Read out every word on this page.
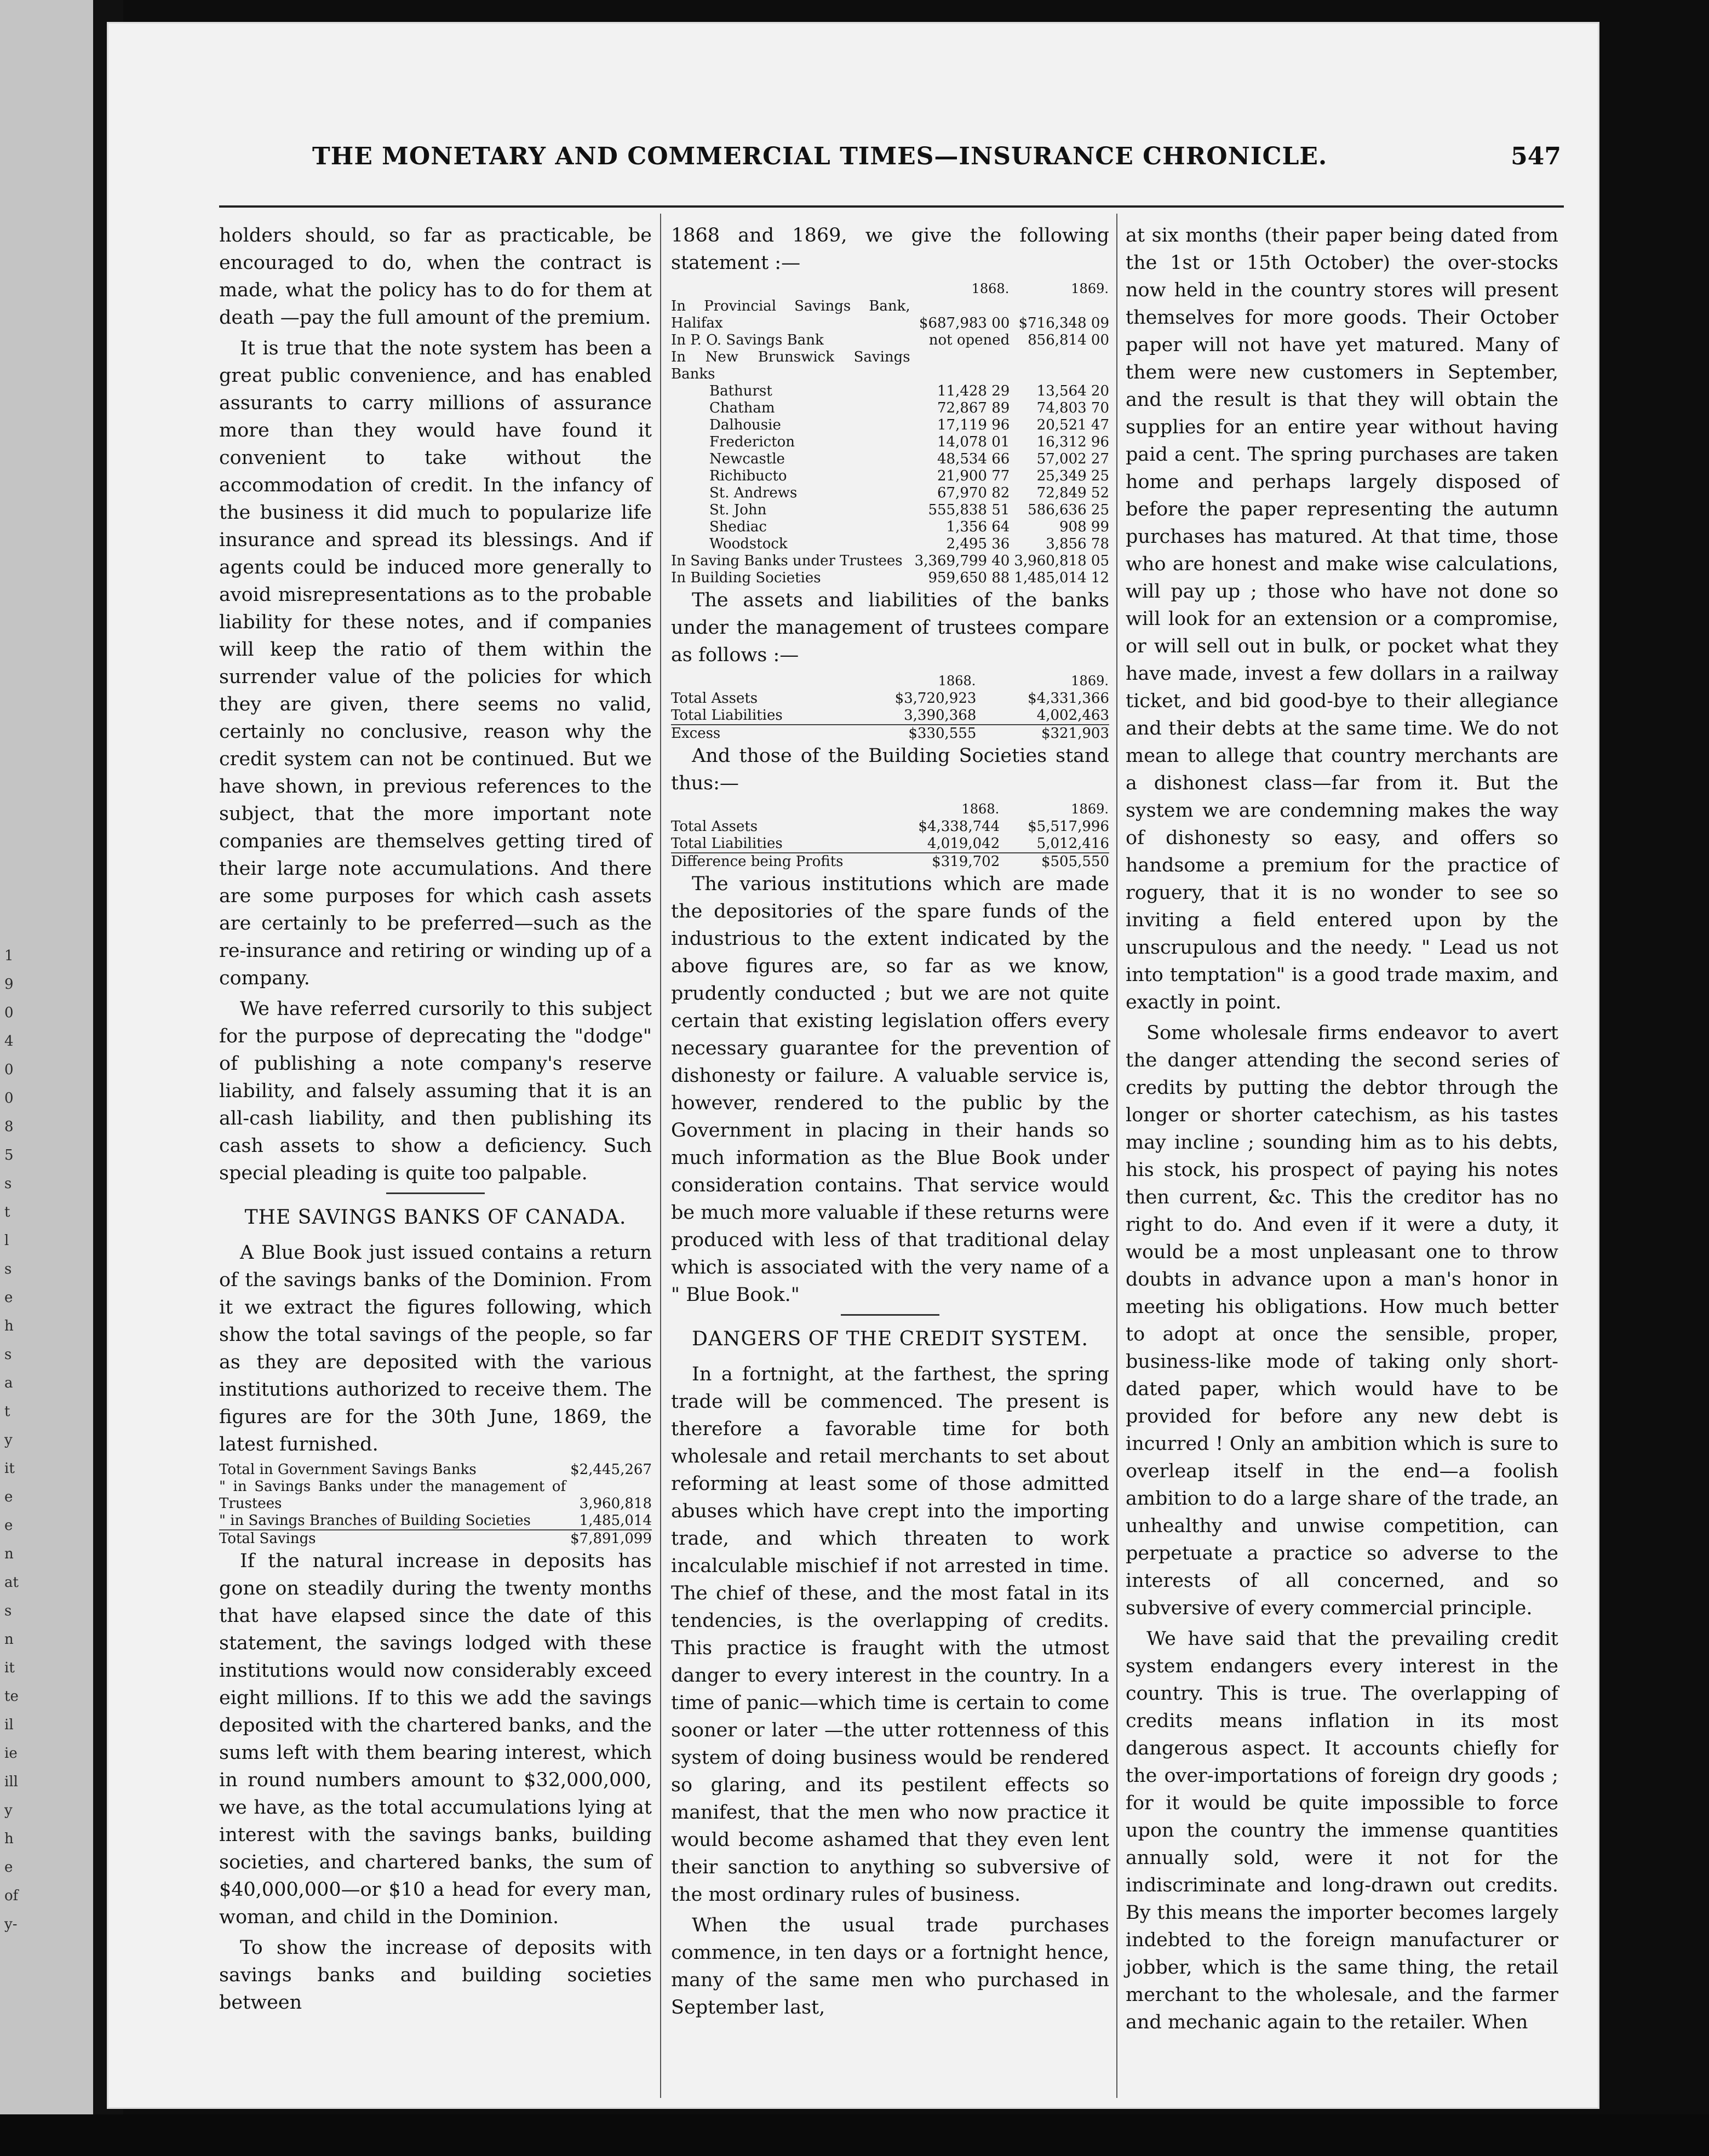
1
9
0
4
0
0
8
5
s
t
l
s
e
h
s
a
t
y
it
e
e
n
at
s
n
it
te
il
ie
ill
y
h
e
of
y-
THE MONETARY AND COMMERCIAL TIMES—INSURANCE CHRONICLE.	547

holders should, so far as practicable, be encouraged to do, when the contract is made, what the policy has to do for them at death —pay the full amount of the premium.

It is true that the note system has been a great public convenience, and has enabled assurants to carry millions of assurance more than they would have found it convenient to take without the accommodation of credit. In the infancy of the business it did much to popularize life insurance and spread its blessings. And if agents could be induced more generally to avoid misrepresentations as to the probable liability for these notes, and if companies will keep the ratio of them within the surrender value of the policies for which they are given, there seems no valid, certainly no conclusive, reason why the credit system can not be continued. But we have shown, in previous references to the subject, that the more important note companies are themselves getting tired of their large note accumulations. And there are some purposes for which cash assets are certainly to be preferred—such as the re-insurance and retiring or winding up of a company.

We have referred cursorily to this subject for the purpose of deprecating the "dodge" of publishing a note company's reserve liability, and falsely assuming that it is an all-cash liability, and then publishing its cash assets to show a deficiency. Such special pleading is quite too palpable.

THE SAVINGS BANKS OF CANADA.

A Blue Book just issued contains a return of the savings banks of the Dominion. From it we extract the figures following, which show the total savings of the people, so far as they are deposited with the various institutions authorized to receive them. The figures are for the 30th June, 1869, the latest furnished.

Total in Government Savings Banks	$2,445,267
" in Savings Banks under the management of Trustees	3,960,818
" in Savings Branches of Building Societies	1,485,014
Total Savings	$7,891,099

If the natural increase in deposits has gone on steadily during the twenty months that have elapsed since the date of this statement, the savings lodged with these institutions would now considerably exceed eight millions. If to this we add the savings deposited with the chartered banks, and the sums left with them bearing interest, which in round numbers amount to $32,000,000, we have, as the total accumulations lying at interest with the savings banks, building societies, and chartered banks, the sum of $40,000,000—or $10 a head for every man, woman, and child in the Dominion.

To show the increase of deposits with savings banks and building societies between

1868 and 1869, we give the following statement :—

	1868.	1869.
In Provincial Savings Bank, Halifax	$687,983 00	$716,348 09
In P. O. Savings Bank	not opened	856,814 00
In New Brunswick Savings Banks		
Bathurst	11,428 29	13,564 20
Chatham	72,867 89	74,803 70
Dalhousie	17,119 96	20,521 47
Fredericton	14,078 01	16,312 96
Newcastle	48,534 66	57,002 27
Richibucto	21,900 77	25,349 25
St. Andrews	67,970 82	72,849 52
St. John	555,838 51	586,636 25
Shediac	1,356 64	908 99
Woodstock	2,495 36	3,856 78
In Saving Banks under Trustees	3,369,799 40	3,960,818 05
In Building Societies	959,650 88	1,485,014 12

The assets and liabilities of the banks under the management of trustees compare as follows :—

	1868.	1869.
Total Assets	$3,720,923	$4,331,366
Total Liabilities	3,390,368	4,002,463
Excess	$330,555	$321,903

And those of the Building Societies stand thus:—

	1868.	1869.
Total Assets	$4,338,744	$5,517,996
Total Liabilities	4,019,042	5,012,416
Difference being Profits	$319,702	$505,550

The various institutions which are made the depositories of the spare funds of the industrious to the extent indicated by the above figures are, so far as we know, prudently conducted ; but we are not quite certain that existing legislation offers every necessary guarantee for the prevention of dishonesty or failure. A valuable service is, however, rendered to the public by the Government in placing in their hands so much information as the Blue Book under consideration contains. That service would be much more valuable if these returns were produced with less of that traditional delay which is associated with the very name of a " Blue Book."

DANGERS OF THE CREDIT SYSTEM.

In a fortnight, at the farthest, the spring trade will be commenced. The present is therefore a favorable time for both wholesale and retail merchants to set about reforming at least some of those admitted abuses which have crept into the importing trade, and which threaten to work incalculable mischief if not arrested in time. The chief of these, and the most fatal in its tendencies, is the overlapping of credits. This practice is fraught with the utmost danger to every interest in the country. In a time of panic—which time is certain to come sooner or later —the utter rottenness of this system of doing business would be rendered so glaring, and its pestilent effects so manifest, that the men who now practice it would become ashamed that they even lent their sanction to anything so subversive of the most ordinary rules of business.

When the usual trade purchases commence, in ten days or a fortnight hence, many of the same men who purchased in September last,

at six months (their paper being dated from the 1st or 15th October) the over-stocks now held in the country stores will present themselves for more goods. Their October paper will not have yet matured. Many of them were new customers in September, and the result is that they will obtain the supplies for an entire year without having paid a cent. The spring purchases are taken home and perhaps largely disposed of before the paper representing the autumn purchases has matured. At that time, those who are honest and make wise calculations, will pay up ; those who have not done so will look for an extension or a compromise, or will sell out in bulk, or pocket what they have made, invest a few dollars in a railway ticket, and bid good-bye to their allegiance and their debts at the same time. We do not mean to allege that country merchants are a dishonest class—far from it. But the system we are condemning makes the way of dishonesty so easy, and offers so handsome a premium for the practice of roguery, that it is no wonder to see so inviting a field entered upon by the unscrupulous and the needy. " Lead us not into temptation" is a good trade maxim, and exactly in point.

Some wholesale firms endeavor to avert the danger attending the second series of credits by putting the debtor through the longer or shorter catechism, as his tastes may incline ; sounding him as to his debts, his stock, his prospect of paying his notes then current, &c. This the creditor has no right to do. And even if it were a duty, it would be a most unpleasant one to throw doubts in advance upon a man's honor in meeting his obligations. How much better to adopt at once the sensible, proper, business-like mode of taking only short-dated paper, which would have to be provided for before any new debt is incurred ! Only an ambition which is sure to overleap itself in the end—a foolish ambition to do a large share of the trade, an unhealthy and unwise competition, can perpetuate a practice so adverse to the interests of all concerned, and so subversive of every commercial principle.

We have said that the prevailing credit system endangers every interest in the country. This is true. The overlapping of credits means inflation in its most dangerous aspect. It accounts chiefly for the over-importations of foreign dry goods ; for it would be quite impossible to force upon the country the immense quantities annually sold, were it not for the indiscriminate and long-drawn out credits. By this means the importer becomes largely indebted to the foreign manufacturer or jobber, which is the same thing, the retail merchant to the wholesale, and the farmer and mechanic again to the retailer. When
